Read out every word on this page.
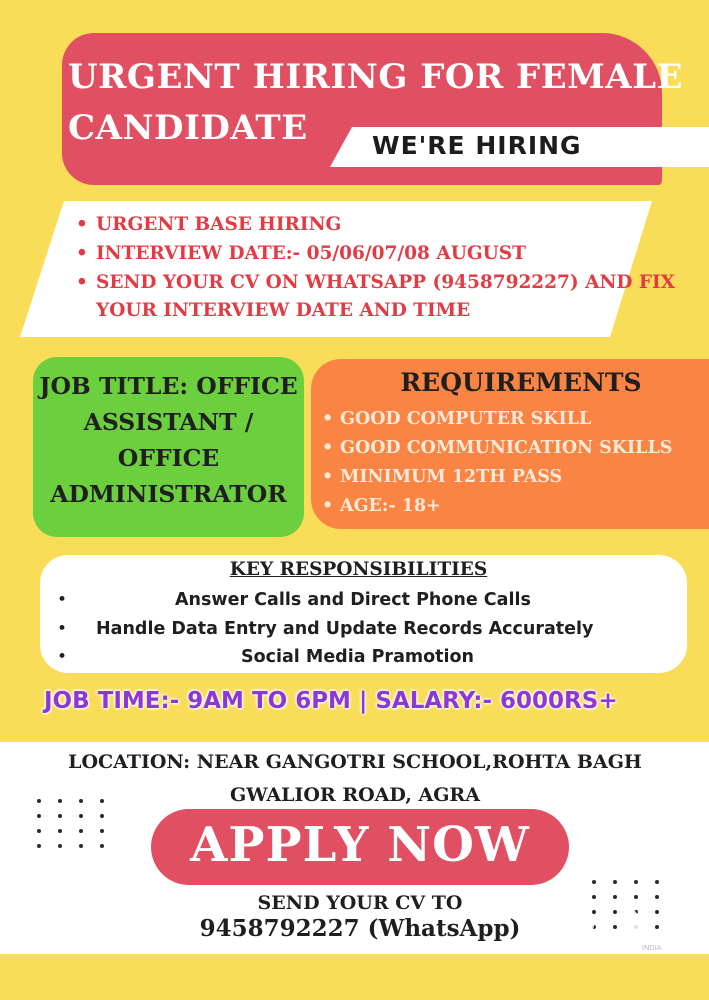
URGENT HIRING FOR FEMALE
CANDIDATE	WE'RE HIRING
• URGENT BASE HIRING
• INTERVIEW DATE:- 05/06/07/08 AUGUST
• SEND YOUR CV ON WHATSAPP (9458792227) AND FIX
YOUR INTERVIEW DATE AND TIME
JOB TITLE: OFFICE
ASSISTANT /
OFFICE
ADMINISTRATOR
REQUIREMENTS
• GOOD COMPUTER SKILL
• GOOD COMMUNICATION SKILLS
• MINIMUM 12TH PASS
• AGE:- 18+
KEY RESPONSIBILITIES
•	Answer Calls and Direct Phone Calls
• Handle Data Entry and Update Records Accurately
•	Social Media Pramotion
JOB TIME:- 9AM TO 6PM | SALARY:- 6000RS+
LOCATION: NEAR GANGOTRI SCHOOL,ROHTA BAGH
GWALIOR ROAD, AGRA
APPLY NOW
SEND YOUR CV TO
9458792227 (WhatsApp)
INDIA
